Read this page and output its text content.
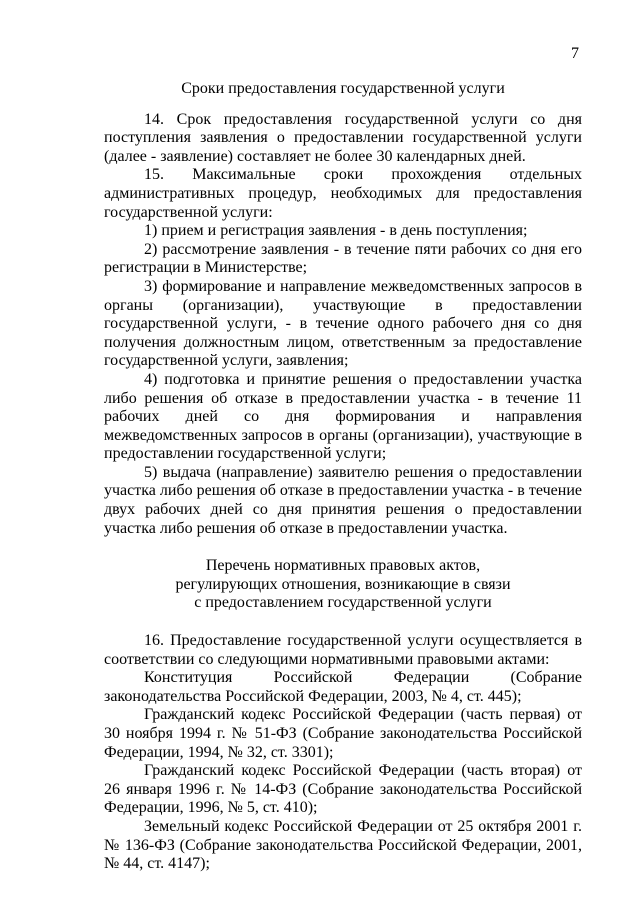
7

Сроки предоставления государственной услуги

14. Срок предоставления государственной услуги со дня поступления заявления о предоставлении государственной услуги (далее - заявление) составляет не более 30 календарных дней.

15. Максимальные сроки прохождения отдельных административных процедур, необходимых для предоставления государственной услуги:

1) прием и регистрация заявления - в день поступления;

2) рассмотрение заявления - в течение пяти рабочих со дня его регистрации в Министерстве;

3) формирование и направление межведомственных запросов в органы (организации), участвующие в предоставлении государственной услуги, - в течение одного рабочего дня со дня получения должностным лицом, ответственным за предоставление государственной услуги, заявления;

4) подготовка и принятие решения о предоставлении участка либо решения об отказе в предоставлении участка - в течение 11 рабочих дней со дня формирования и направления межведомственных запросов в органы (организации), участвующие в предоставлении государственной услуги;

5) выдача (направление) заявителю решения о предоставлении участка либо решения об отказе в предоставлении участка - в течение двух рабочих дней со дня принятия решения о предоставлении участка либо решения об отказе в предоставлении участка.

Перечень нормативных правовых актов,

регулирующих отношения, возникающие в связи

с предоставлением государственной услуги

16. Предоставление государственной услуги осуществляется в соответствии со следующими нормативными правовыми актами:

Конституция Российской Федерации (Собрание законодательства Российской Федерации, 2003, № 4, ст. 445);

Гражданский кодекс Российской Федерации (часть первая) от 30 ноября 1994 г. № 51-ФЗ (Собрание законодательства Российской Федерации, 1994, № 32, ст. 3301);

Гражданский кодекс Российской Федерации (часть вторая) от 26 января 1996 г. № 14-ФЗ (Собрание законодательства Российской Федерации, 1996, № 5, ст. 410);

Земельный кодекс Российской Федерации от 25 октября 2001 г. № 136-ФЗ (Собрание законодательства Российской Федерации, 2001, № 44, ст. 4147);
